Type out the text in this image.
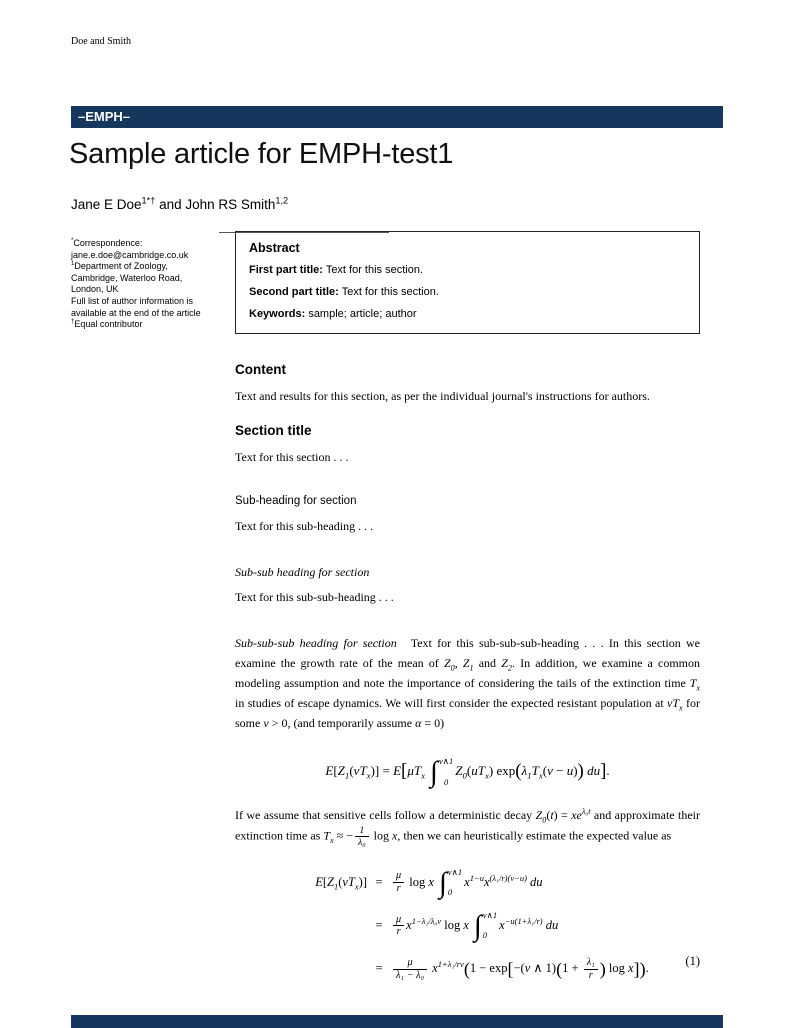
Doe and Smith
–EMPH–
Sample article for EMPH-test1
Jane E Doe$^{1*\dagger}$ and John RS Smith$^{1,2}$
*Correspondence:
jane.e.doe@cambridge.co.uk
$^1$Department of Zoology,
Cambridge, Waterloo Road,
London, UK
Full list of author information is
available at the end of the article
†Equal contributor
Abstract
First part title: Text for this section.
Second part title: Text for this section.
Keywords: sample; article; author
Content

Text and results for this section, as per the individual journal's instructions for authors.

Section title

Text for this section . . .

Sub-heading for section

Text for this sub-heading . . .

Sub-sub heading for section

Text for this sub-sub-heading . . .

Sub-sub-sub heading for section Text for this sub-sub-sub-heading . . . In this section we examine the growth rate of the mean of $Z_0$, $Z_1$ and $Z_2$. In addition, we examine a common modeling assumption and note the importance of considering the tails of the extinction time $T_x$ in studies of escape dynamics. We will first consider the expected resistant population at $vT_x$ for some v > 0, (and temporarily assume α = 0)

$E[Z_1(vT_x)] = E[\mu T_x$ ∫ v∧1
0
$Z_0(uT_x) \exp(\lambda_1T_x(v - u))$ du].

If we assume that sensitive cells follow a deterministic decay $Z_0(t) = xe^{\lambda_0t}$ and approximate their extinction time as $T_x$ ≈ − $\frac{1}{\text{λ₀}}$ log x, then we can heuristically estimate the expected value as

$E[Z_1(vT_x)]$ =	$\frac{\mu}{r}$ log x ∫ v∧1
0
$x^{1-u}x^{(\lambda_1/r)(v-u)}$ du
=	$\frac{\mu}{r} x^{1-\lambda_1/\lambda_0v}$ log x ∫ v∧1
0
$x^{-u(1+\lambda_1/r)}$ du
=	$\frac{\mu}{\text{λ₁ − λ₀}} x^{1+\lambda_1/rv}(1 - \exp[-(v$ ∧ $1)(1 + \frac{\text{λ₁}}{r}$ ) log x]).	(1)
